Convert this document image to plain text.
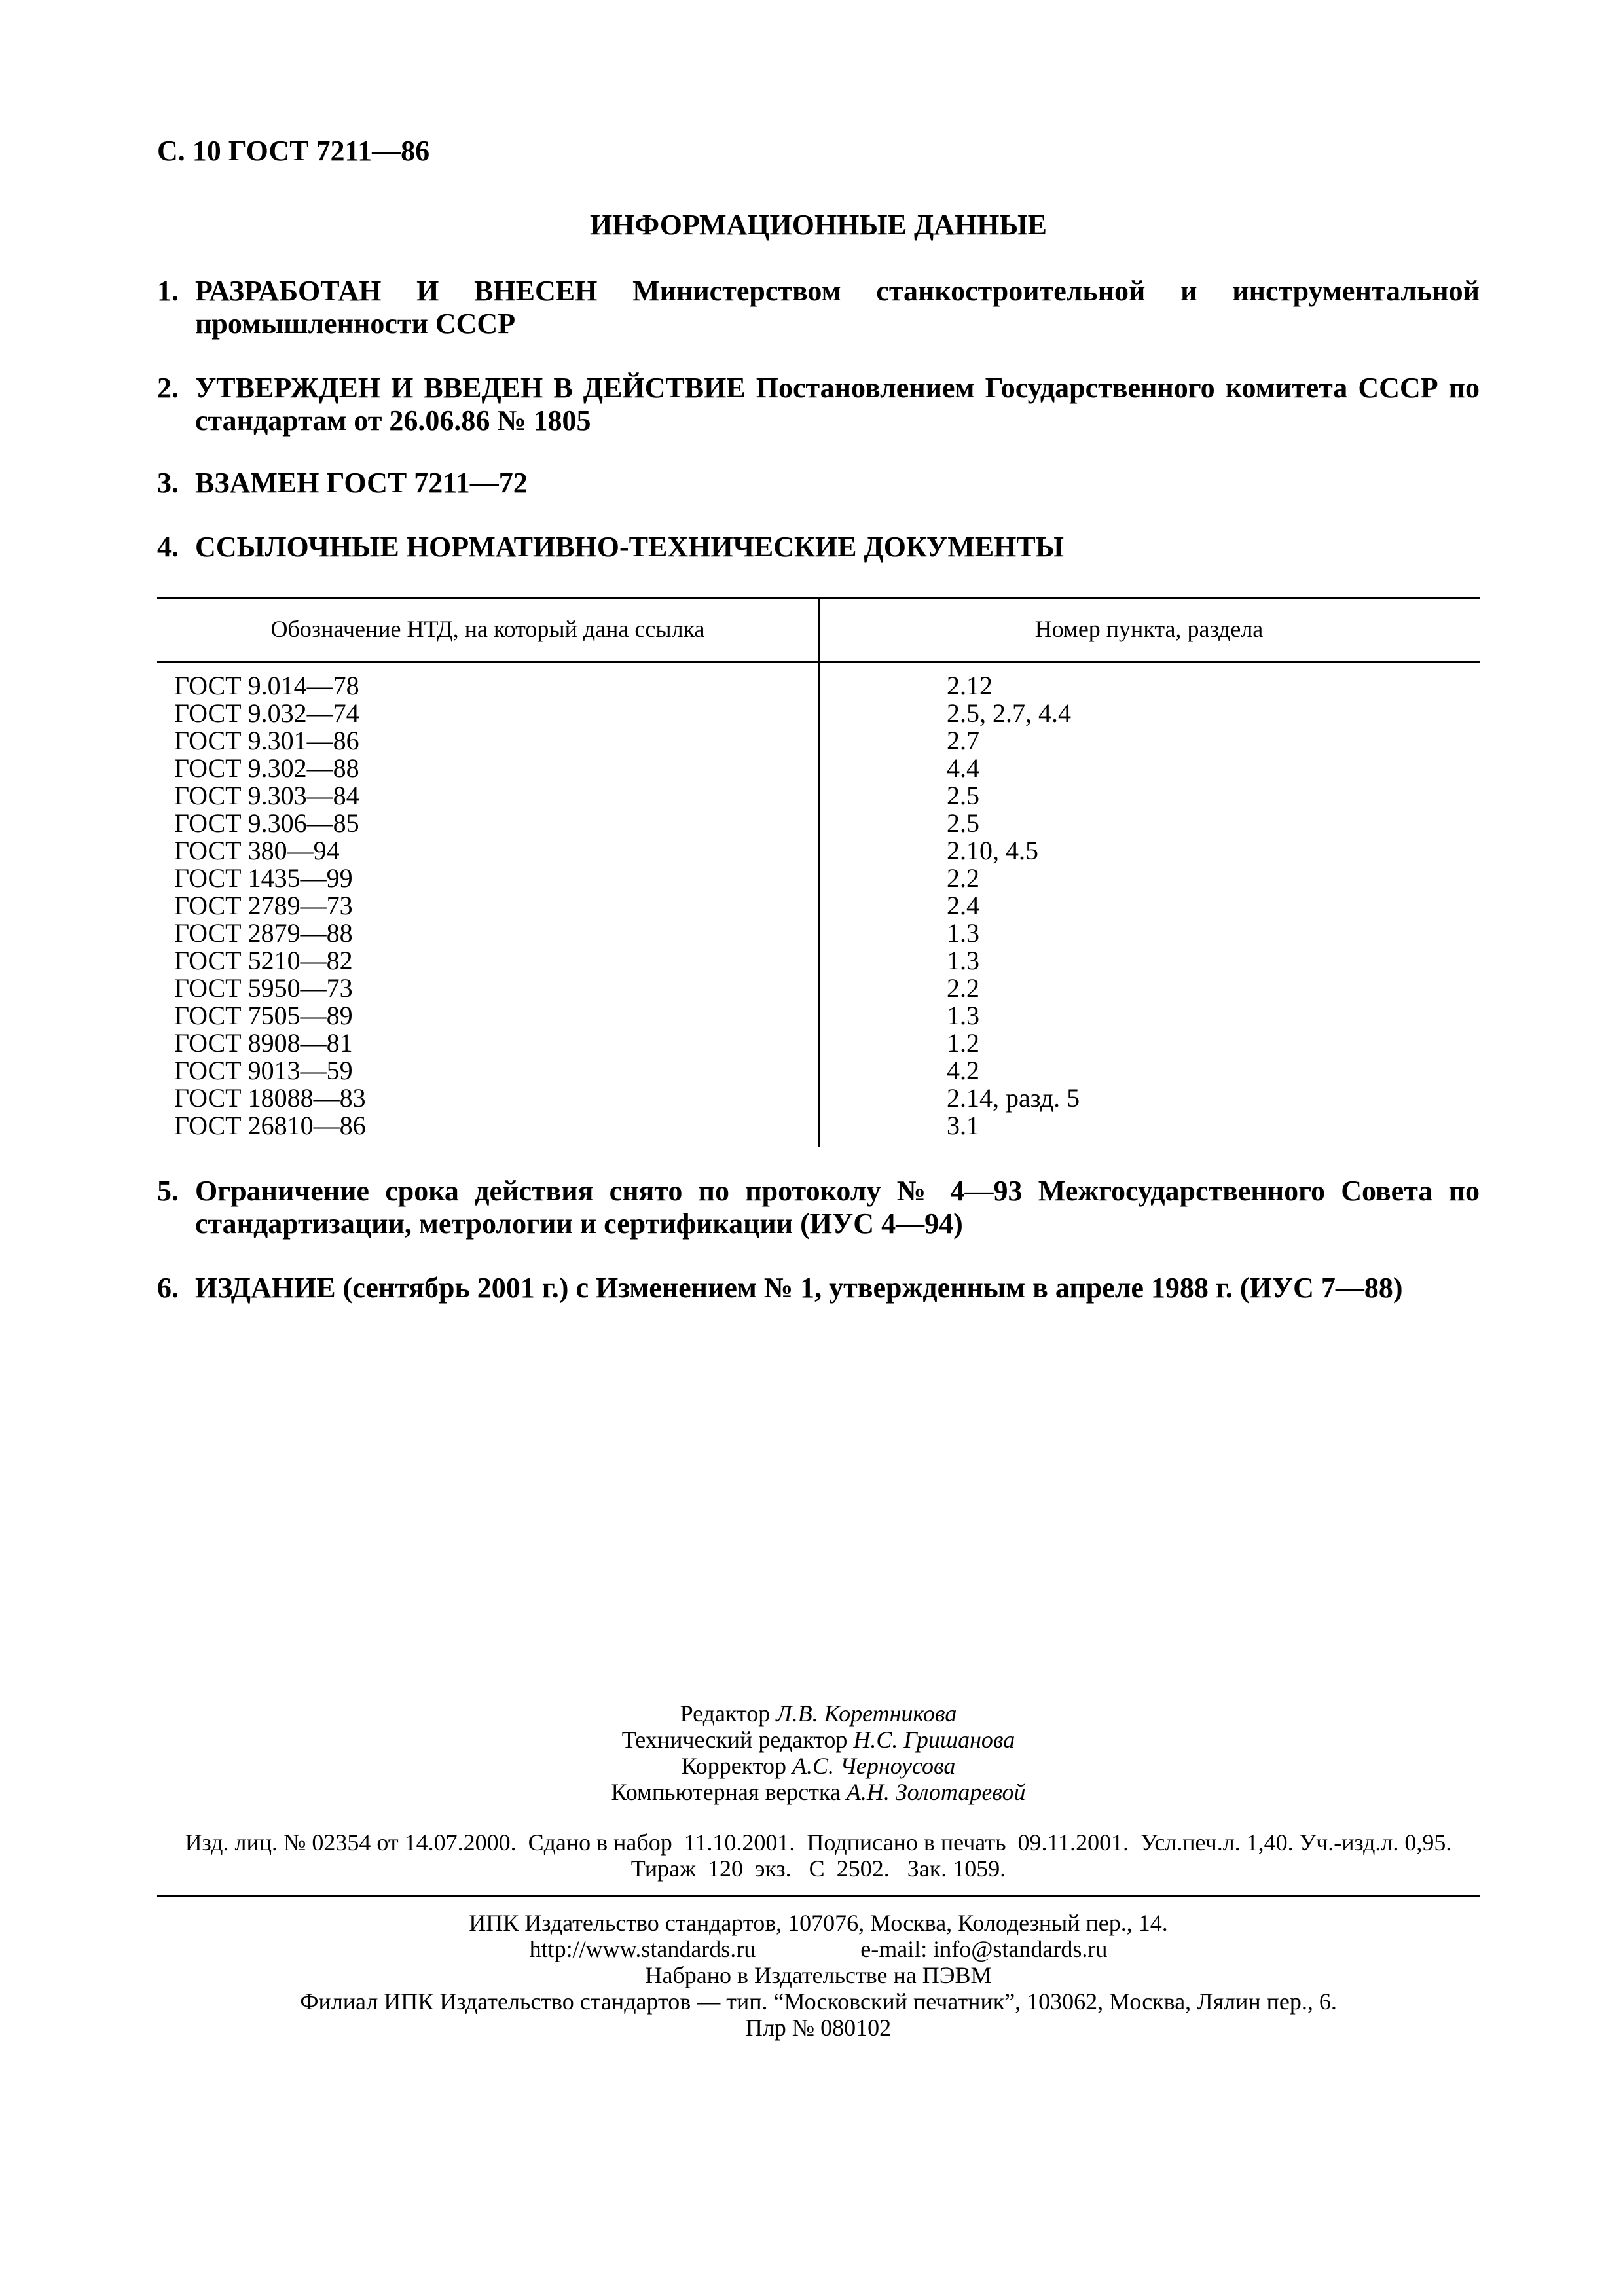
С. 10 ГОСТ 7211—86
ИНФОРМАЦИОННЫЕ ДАННЫЕ
1. РАЗРАБОТАН И ВНЕСЕН Министерством станкостроительной и инструментальной промышленности СССР
2. УТВЕРЖДЕН И ВВЕДЕН В ДЕЙСТВИЕ Постановлением Государственного комитета СССР по стандартам от 26.06.86 № 1805
3. ВЗАМЕН ГОСТ 7211—72
4. ССЫЛОЧНЫЕ НОРМАТИВНО-ТЕХНИЧЕСКИЕ ДОКУМЕНТЫ
Обозначение НТД, на который дана ссылка	Номер пункта, раздела
ГОСТ 9.014—78	2.12
ГОСТ 9.032—74	2.5, 2.7, 4.4
ГОСТ 9.301—86	2.7
ГОСТ 9.302—88	4.4
ГОСТ 9.303—84	2.5
ГОСТ 9.306—85	2.5
ГОСТ 380—94	2.10, 4.5
ГОСТ 1435—99	2.2
ГОСТ 2789—73	2.4
ГОСТ 2879—88	1.3
ГОСТ 5210—82	1.3
ГОСТ 5950—73	2.2
ГОСТ 7505—89	1.3
ГОСТ 8908—81	1.2
ГОСТ 9013—59	4.2
ГОСТ 18088—83	2.14, разд. 5
ГОСТ 26810—86	3.1
5. Ограничение срока действия снято по протоколу № 4—93 Межгосударственного Совета по стандартизации, метрологии и сертификации (ИУС 4—94)
6. ИЗДАНИЕ (сентябрь 2001 г.) с Изменением № 1, утвержденным в апреле 1988 г. (ИУС 7—88)
Редактор Л.В. Коретникова
Технический редактор Н.С. Гришанова
Корректор А.С. Черноусова
Компьютерная верстка А.Н. Золотаревой
Изд. лиц. № 02354 от 14.07.2000.  Сдано в набор  11.10.2001.  Подписано в печать  09.11.2001.  Усл.печ.л. 1,40. Уч.-изд.л. 0,95.
Тираж  120  экз.   С  2502.   Зак. 1059.
ИПК Издательство стандартов, 107076, Москва, Колодезный пер., 14.
http://www.standards.ru	e-mail: info@standards.ru
Набрано в Издательстве на ПЭВМ
Филиал ИПК Издательство стандартов — тип. “Московский печатник”, 103062, Москва, Лялин пер., 6.
Плр № 080102
